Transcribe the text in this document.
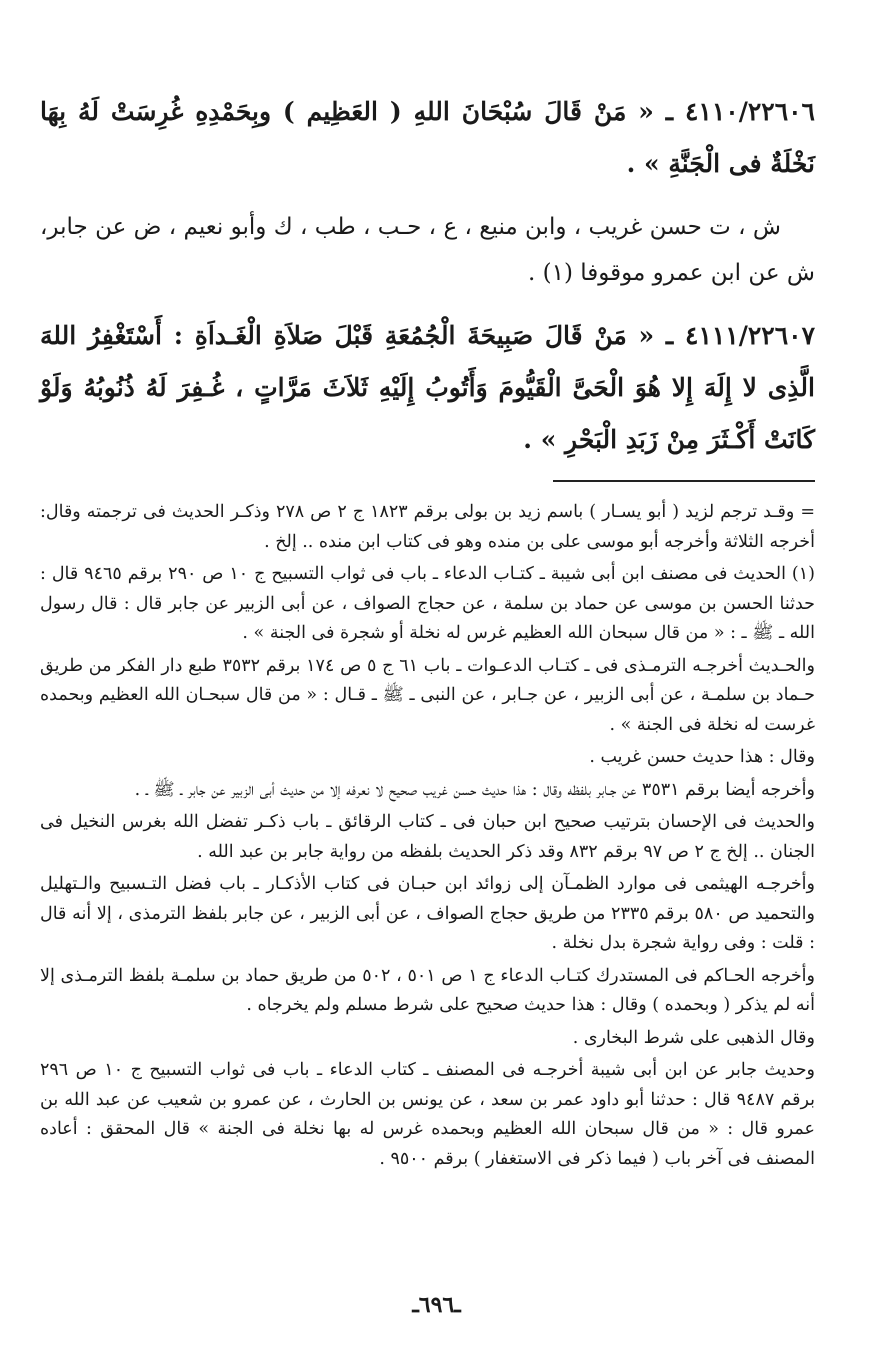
٤١١٠/٢٢٦٠٦ ـ « مَنْ قَالَ سُبْحَانَ اللهِ ( العَظِيم ) وبِحَمْدِهِ غُرِسَتْ لَهُ بِهَا نَخْلَةٌ فى الْجَنَّةِ » .

ش ، ت حسن غريب ، وابن منيع ، ع ، حـب ، طب ، ك وأبو نعيم ، ض عن جابر، ش عن ابن عمرو موقوفا (١) .

٤١١١/٢٢٦٠٧ ـ « مَنْ قَالَ صَبِيحَةَ الْجُمُعَةِ قَبْلَ صَلاَةِ الْغَـداَةِ : أَسْتَغْفِرُ اللهَ الَّذِى لا إِلَهَ إِلا هُوَ الْحَىَّ الْقَيُّومَ وَأَتُوبُ إِلَيْهِ ثَلاَثَ مَرَّاتٍ ، غُـفِرَ لَهُ ذُنُوبُهُ وَلَوْ كَانَتْ أَكْـثَرَ مِنْ زَبَدِ الْبَحْرِ » .

= وقـد ترجم لزيد ( أبو يسـار ) باسم زيد بن بولى برقم ١٨٢٣ ج ٢ ص ٢٧٨ وذكـر الحديث فى ترجمته وقال: أخرجه الثلاثة وأخرجه أبو موسى على بن منده وهو فى كتاب ابن منده .. إلخ .

(١) الحديث فى مصنف ابن أبى شيبة ـ كتـاب الدعاء ـ باب فى ثواب التسبيح ج ١٠ ص ٢٩٠ برقم ٩٤٦٥ قال : حدثنا الحسن بن موسى عن حماد بن سلمة ، عن حجاج الصواف ، عن أبى الزبير عن جابر قال : قال رسول الله ـ ﷺ ـ : « من قال سبحان الله العظيم غرس له نخلة أو شجرة فى الجنة » .

والحـديث أخرجـه الترمـذى فى ـ كتـاب الدعـوات ـ باب ٦١ ج ٥ ص ١٧٤ برقم ٣٥٣٢ طبع دار الفكر من طريق حـماد بن سلمـة ، عن أبى الزبير ، عن جـابر ، عن النبى ـ ﷺ ـ قـال : « من قال سبحـان الله العظيم وبحمده غرست له نخلة فى الجنة » .

وقال : هذا حديث حسن غريب .

وأخرجه أيضا برقم ٣٥٣١ عن جـابر بلفظه وقال : هذا حديث حسن غريب صحيح لا نعرفه إلا من حديث أبى الزبير عن جابر ـ ﷺ ـ .

والحديث فى الإحسان بترتيب صحيح ابن حبان فى ـ كتاب الرقائق ـ باب ذكـر تفضل الله بغرس النخيل فى الجنان .. إلخ ج ٢ ص ٩٧ برقم ٨٣٢ وقد ذكر الحديث بلفظه من رواية جابر بن عبد الله .

وأخرجـه الهيثمى فى موارد الظمـآن إلى زوائد ابن حبـان فى كتاب الأذكـار ـ باب فضل التـسبيح والـتهليل والتحميد ص ٥٨٠ برقم ٢٣٣٥ من طريق حجاج الصواف ، عن أبى الزبير ، عن جابر بلفظ الترمذى ، إلا أنه قال : قلت : وفى رواية شجرة بدل نخلة .

وأخرجه الحـاكم فى المستدرك كتـاب الدعاء ج ١ ص ٥٠١ ، ٥٠٢ من طريق حماد بن سلمـة بلفظ الترمـذى إلا أنه لم يذكر ( وبحمده ) وقال : هذا حديث صحيح على شرط مسلم ولم يخرجاه .

وقال الذهبى على شرط البخارى .

وحديث جابر عن ابن أبى شيبة أخرجـه فى المصنف ـ كتاب الدعاء ـ باب فى ثواب التسبيح ج ١٠ ص ٢٩٦ برقم ٩٤٨٧ قال : حدثنا أبو داود عمر بن سعد ، عن يونس بن الحارث ، عن عمرو بن شعيب عن عبد الله بن عمرو قال : « من قال سبحان الله العظيم وبحمده غرس له بها نخلة فى الجنة » قال المحقق : أعاده المصنف فى آخر باب ( فيما ذكر فى الاستغفار ) برقم ٩٥٠٠ .

ـ٦٩٦ـ
